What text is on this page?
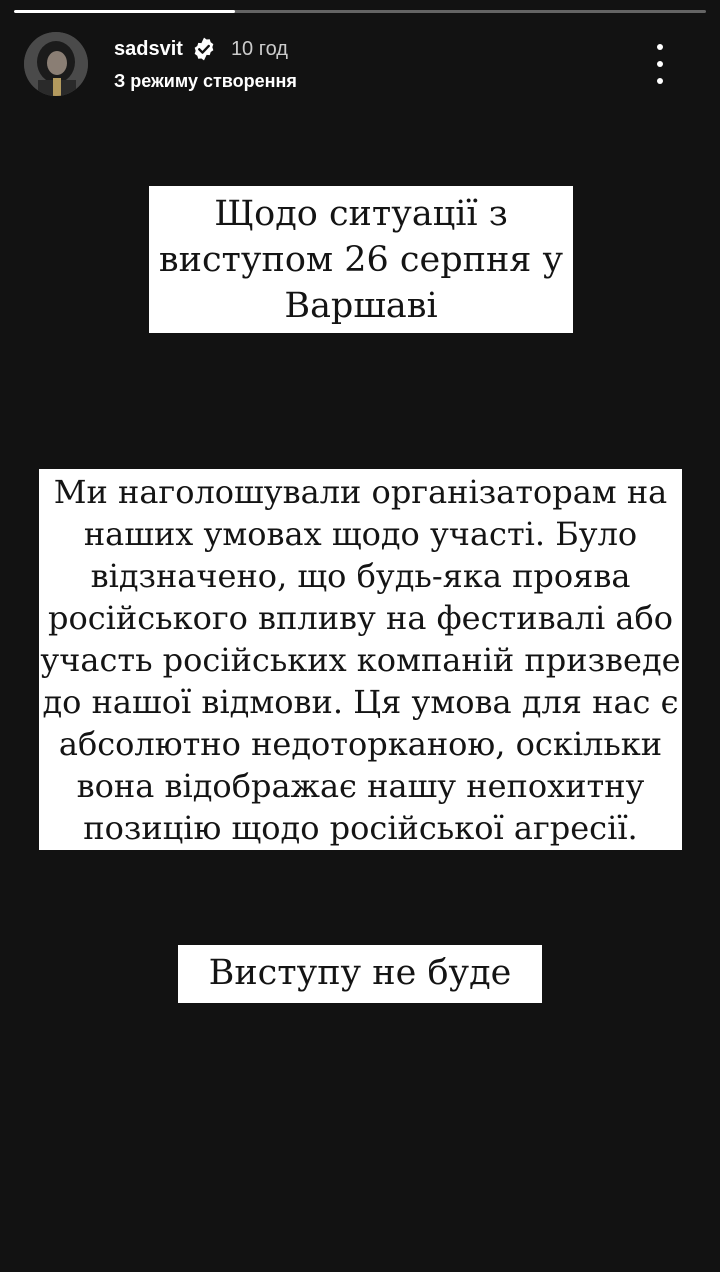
sadsvit 10 год
З режиму створення
Щодо ситуації з
виступом 26 серпня у
Варшаві
Ми наголошували організаторам на
наших умовах щодо участі. Було
відзначено, що будь-яка проява
російського впливу на фестивалі або
участь російських компаній призведе
до нашої відмови. Ця умова для нас є
абсолютно недоторканою, оскільки
вона відображає нашу непохитну
позицію щодо російської агресії.
Виступу не буде
